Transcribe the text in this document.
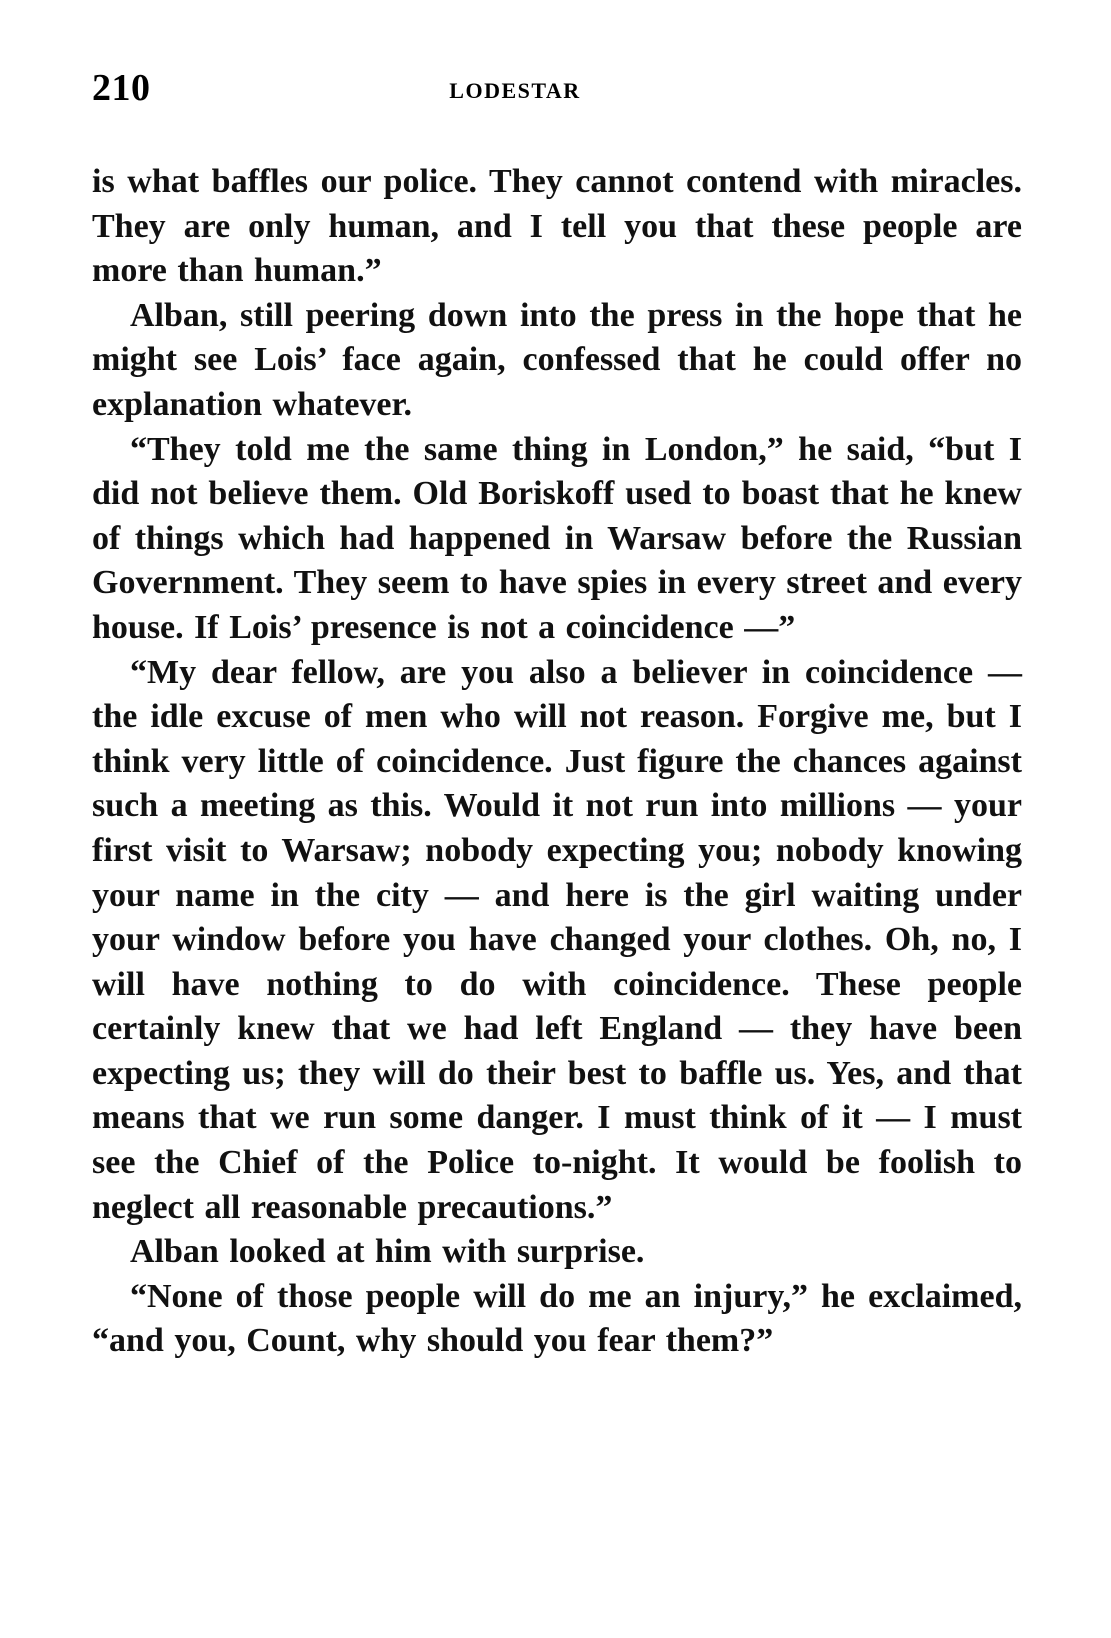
210	LODESTAR

is what baffles our police. They cannot contend with miracles. They are only human, and I tell you that these people are more than human.”

Alban, still peering down into the press in the hope that he might see Lois’ face again, confessed that he could offer no explanation whatever.

“They told me the same thing in London,” he said, “but I did not believe them. Old Boriskoff used to boast that he knew of things which had happened in Warsaw before the Russian Government. They seem to have spies in every street and every house. If Lois’ presence is not a coincidence —”

“My dear fellow, are you also a believer in coincidence — the idle excuse of men who will not reason. Forgive me, but I think very little of coincidence. Just figure the chances against such a meeting as this. Would it not run into millions — your first visit to Warsaw; nobody expecting you; nobody knowing your name in the city — and here is the girl waiting under your window before you have changed your clothes. Oh, no, I will have nothing to do with coincidence. These people certainly knew that we had left England — they have been expecting us; they will do their best to baffle us. Yes, and that means that we run some danger. I must think of it — I must see the Chief of the Police to-night. It would be foolish to neglect all reasonable precautions.”

Alban looked at him with surprise.

“None of those people will do me an injury,” he exclaimed, “and you, Count, why should you fear them?”
